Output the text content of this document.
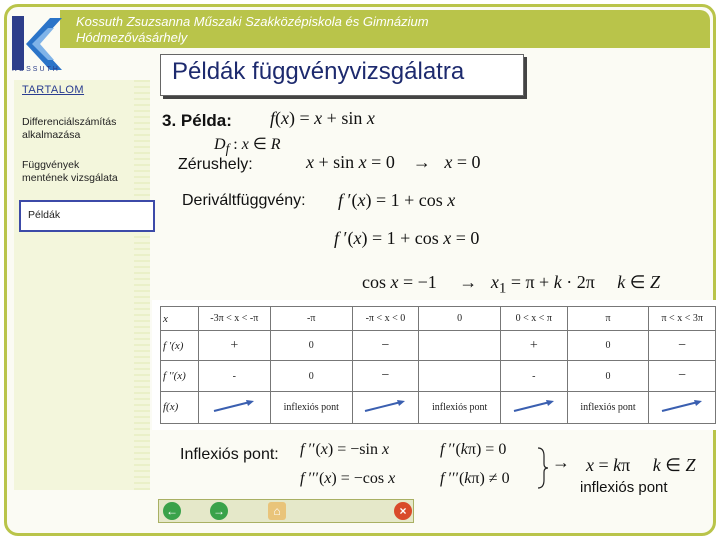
KOSSUTH
Kossuth Zsuzsanna Műszaki Szakközépiskola és Gimnázium
Hódmezővásárhely
TARTALOM
Differenciálszámítás
alkalmazása
Függvények
mentének vizsgálata
Példák
Példák függvényvizsgálatra
3. Példa: f(x) = x + sin x
$D_f$ : x ∈ R
Zérushely:	x + sin x = 0    →   x = 0
Deriváltfüggvény: f ′(x) = 1 + cos x
f ′(x) = 1 + cos x = 0
cos x = −1     →   $x_1 = \pi + k \cdot 2\pi$     k ∈ Z
x	-3π < x < -π	-π	-π < x < 0	0	0 < x < π	π	π < x < 3π
f ′(x)	+	0	−		+	0	−
f ′′(x)	-	0	−		-	0	−
f(x)		inflexiós pont		inflexiós pont		inflexiós pont	
Inflexiós pont: f ′′(x) = −sin x
f ′′′(x) = −cos x
f ′′(kπ) = 0
f ′′′(kπ) ≠ 0
→ x = kπ     k ∈ Z
inflexiós pont
←	→	⌂	×
